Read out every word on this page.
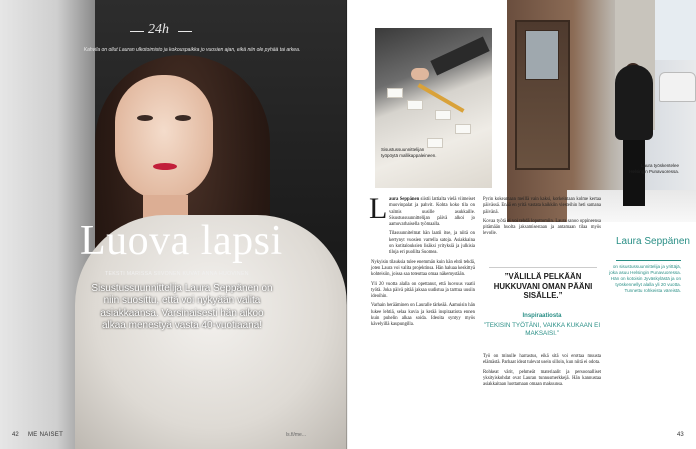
24h
Kahvila on ollut Lauran ulkotoimisto ja kokouspaikka jo vuosien ajan, eikä niin ole pyhää tai arkea.
Luova lapsi
TEKSTI MARISSA SIIVONEN KUVAT ANNA HUOVINEN
Sisustussuunnittelija Laura Seppänen on niin suosittu, että voi nykyään valita asiakkaansa. Varsinaisesti hän aikoo alkaa menestyä vasta 40-vuotiaana!
42 ME NAISET	ls.fi/me...
Sisustussuunnittelijan työpöytä mallikappaleineen.
Laura työskentelee Helsingin Punavuoressa.
Laura Seppänen
on sisustussuunnittelija ja yrittäjä, joka asuu Helsingin Punavuoressa. Hän on kotoisin Jyväskylästä ja on työskennellyt alalla yli 20 vuotta. Tunnettu rohkeista väreistä.
L aura Seppänen siistii lattialta vielä viimeiset muovinpalat ja pahvit. Kohta koko tila on valmis uusille asukkaille. Sisustussuunnittelijan päivä alkoi jo aamuvarhaisella työmaalla.

Tilasuunnitelmat hän laatii itse, ja niitä on kertynyt vuosien varrella satoja. Asiakkaina on kotitalouksien lisäksi yrityksiä ja julkisia tiloja eri puolilta Suomea.

Nykyisin tilauksia tulee enemmän kuin hän ehtii tehdä, joten Laura voi valita projektinsa. Hän haluaa keskittyä kohteisiin, joissa saa toteuttaa omaa näkemystään.

Yli 20 vuotta alalla on opettanut, että luovuus vaatii työtä. Joka päivä pitää jaksaa uudistua ja tarttua uusiin ideoihin.

Varhain herääminen on Lauralle tärkeää. Aamuisin hän lukee lehtiä, selaa kuvia ja kerää inspiraatiota ennen kuin puhelin alkaa soida. Ideoita syntyy myös kävelyillä kaupungilla.

Pyrin kokeamaan meillä vain kaksi, korkeintaan kolme kertaa päivässä. Enää en yritä vastata kaikkiin viesteihin heti samana päivänä.

Kovaa työtä ei voi tehdä loputtomiin. Laura sanoo oppineensa pitämään huolta jaksamisestaan ja antamaan tilaa myös levolle.

”VÄLILLÄ PELKÄÄN HUKKUVANI OMAN PÄÄNI SISÄLLE.”

Työ on minulle harrastus, eikä sitä voi erottaa muusta elämästä. Parhaat ideat tulevat usein silloin, kun niitä ei odota.

Rohkeat värit, pehmeät materiaalit ja persoonalliset yksityiskohdat ovat Lauran tunnusmerkkejä. Hän kannustaa asiakkaitaan luottamaan omaan makuunsa.

Inspiraatiosta
”TEKISIN TYÖTÄNI, VAIKKA KUKAAN EI MAKSAISI.”
43
